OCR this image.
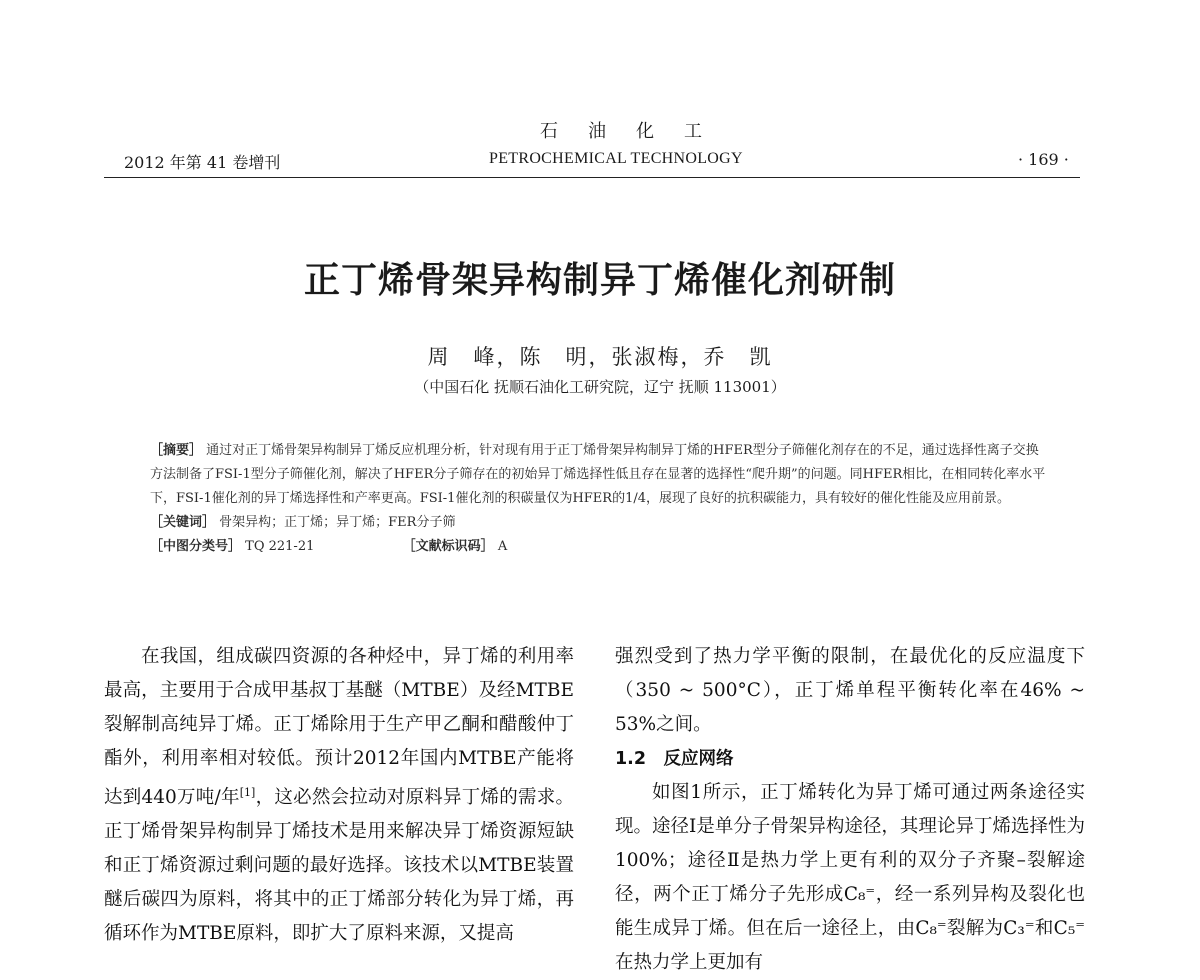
石油化工
2012 年第 41 卷增刊	PETROCHEMICAL TECHNOLOGY	· 169 ·
正丁烯骨架异构制异丁烯催化剂研制
周　峰，陈　明，张淑梅，乔　凯
（中国石化 抚顺石油化工研究院，辽宁 抚顺 113001）

［摘要］ 通过对正丁烯骨架异构制异丁烯反应机理分析，针对现有用于正丁烯骨架异构制异丁烯的HFER型分子筛催化剂存在的不足，通过选择性离子交换方法制备了FSI-1型分子筛催化剂，解决了HFER分子筛存在的初始异丁烯选择性低且存在显著的选择性“爬升期”的问题。同HFER相比，在相同转化率水平下，FSI-1催化剂的异丁烯选择性和产率更高。FSI-1催化剂的积碳量仅为HFER的1/4，展现了良好的抗积碳能力，具有较好的催化性能及应用前景。

［关键词］ 骨架异构；正丁烯；异丁烯；FER分子筛

［中图分类号］ TQ 221-21	［文献标识码］ A

在我国，组成碳四资源的各种烃中，异丁烯的利用率最高，主要用于合成甲基叔丁基醚（MTBE）及经MTBE裂解制高纯异丁烯。正丁烯除用于生产甲乙酮和醋酸仲丁酯外，利用率相对较低。预计2012年国内MTBE产能将达到440万吨/年[1]，这必然会拉动对原料异丁烯的需求。正丁烯骨架异构制异丁烯技术是用来解决异丁烯资源短缺和正丁烯资源过剩问题的最好选择。该技术以MTBE装置醚后碳四为原料，将其中的正丁烯部分转化为异丁烯，再循环作为MTBE原料，即扩大了原料来源，又提高

强烈受到了热力学平衡的限制，在最优化的反应温度下（350 ~ 500°C），正丁烯单程平衡转化率在46% ~ 53%之间。

1.2　反应网络

如图1所示，正丁烯转化为异丁烯可通过两条途径实现。途径Ⅰ是单分子骨架异构途径，其理论异丁烯选择性为100%；途径Ⅱ是热力学上更有利的双分子齐聚–裂解途径，两个正丁烯分子先形成C₈⁼，经一系列异构及裂化也能生成异丁烯。但在后一途径上，由C₈⁼裂解为C₃⁼和C₅⁼在热力学上更加有
